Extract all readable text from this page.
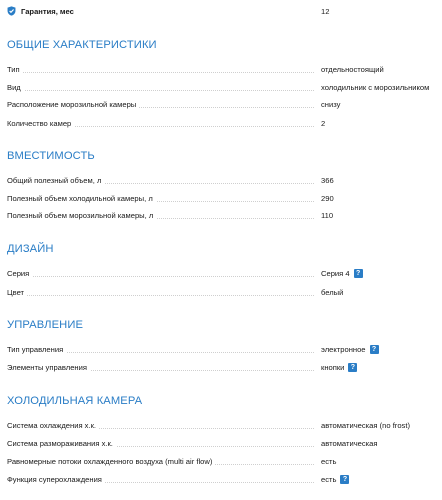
Гарантия, мес	12
ОБЩИЕ ХАРАКТЕРИСТИКИ
Тип	отдельностоящий
Вид	холодильник с морозильником
Расположение морозильной камеры	снизу
Количество камер	2
ВМЕСТИМОСТЬ
Общий полезный объем, л	366
Полезный объем холодильной камеры, л	290
Полезный объем морозильной камеры, л	110
ДИЗАЙН
Серия	Серия 4 ?
Цвет	белый
УПРАВЛЕНИЕ
Тип управления	электронное ?
Элементы управления	кнопки ?
ХОЛОДИЛЬНАЯ КАМЕРА
Система охлаждения х.к.	автоматическая (no frost)
Система размораживания х.к.	автоматическая
Равномерные потоки охлажденного воздуха (multi air flow)	есть
Функция суперохлаждения	есть ?
